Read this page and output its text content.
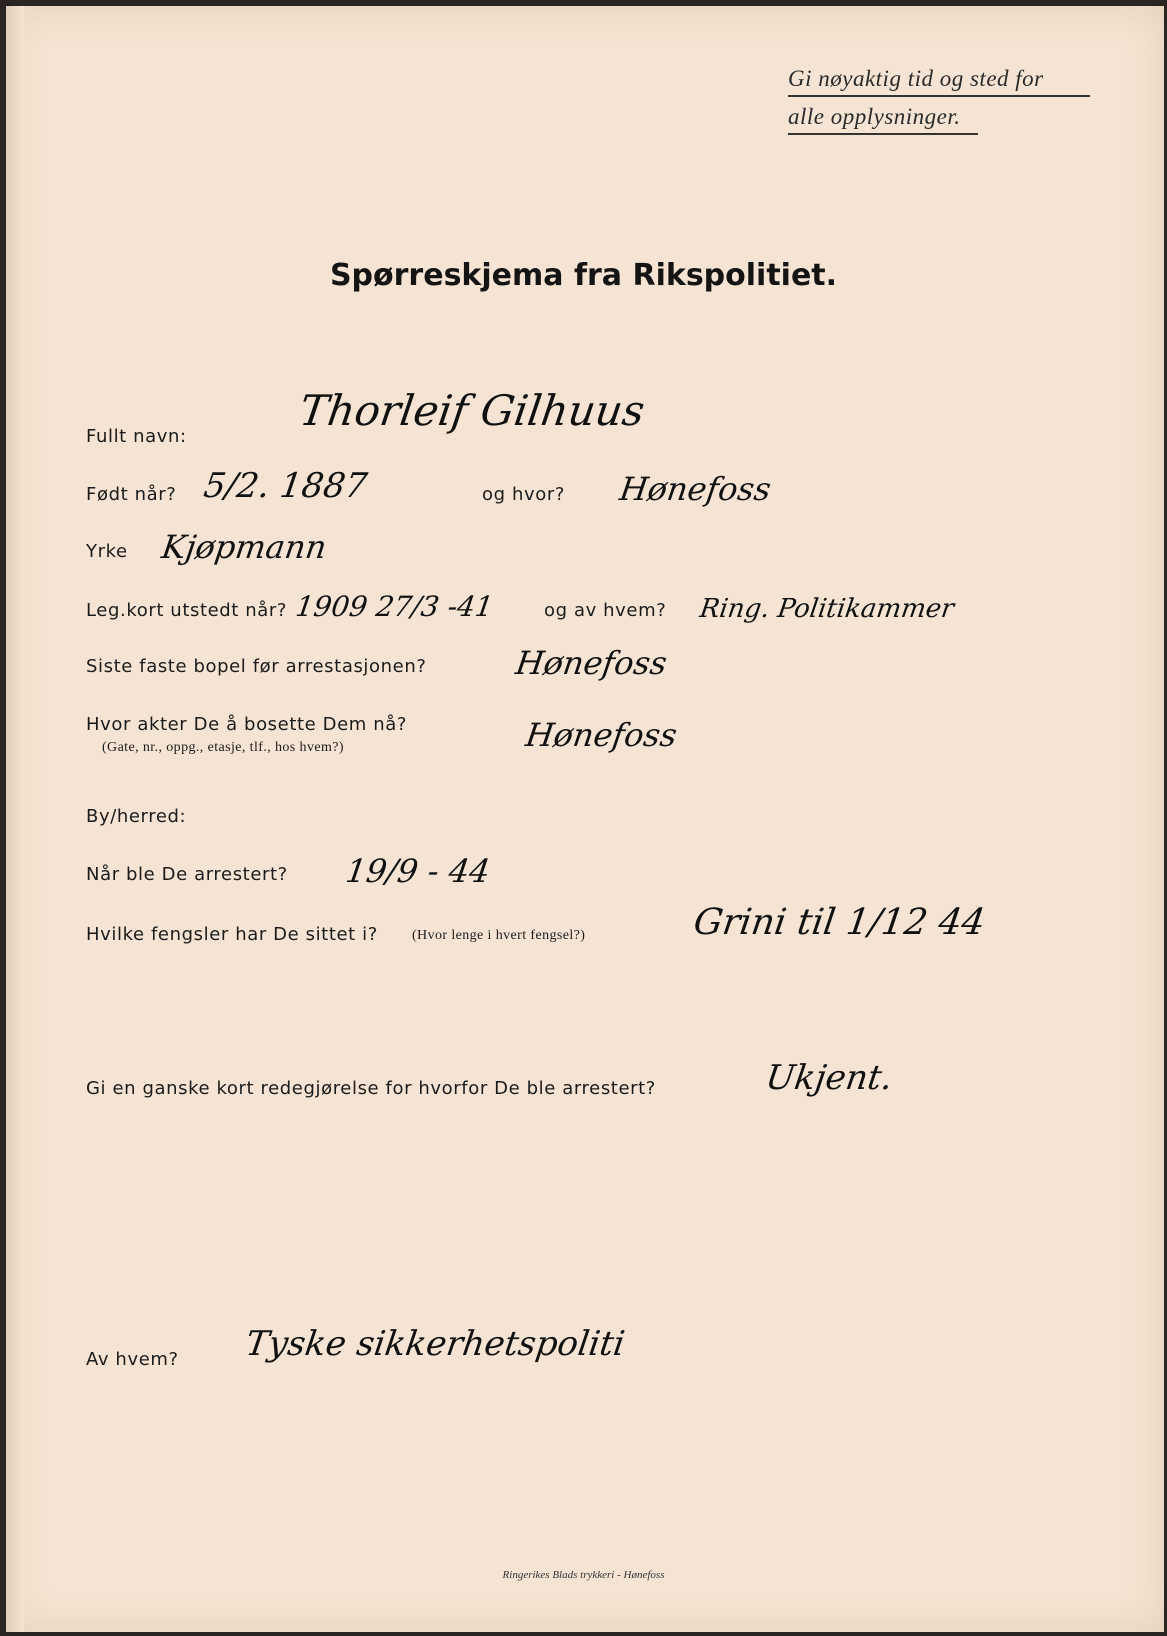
Gi nøyaktig tid og sted for
alle opplysninger.
Spørreskjema fra Rikspolitiet.
Fullt navn:
Thorleif Gilhuus
Født når? 5/2. 1887	og hvor? Hønefoss
Yrke Kjøpmann
Leg.kort utstedt når? 1909 27/3 -41	og av hvem? Ring. Politikammer
Siste faste bopel før arrestasjonen?	Hønefoss
Hvor akter De å bosette Dem nå?
(Gate, nr., oppg., etasje, tlf., hos hvem?)	Hønefoss
By/herred:
Når ble De arrestert? 19/9 - 44
Hvilke fengsler har De sittet i? (Hvor lenge i hvert fengsel?)	Grini til 1/12 44
Gi en ganske kort redegjørelse for hvorfor De ble arrestert?	Ukjent.
Av hvem? Tyske sikkerhetspoliti
Ringerikes Blads trykkeri - Hønefoss
